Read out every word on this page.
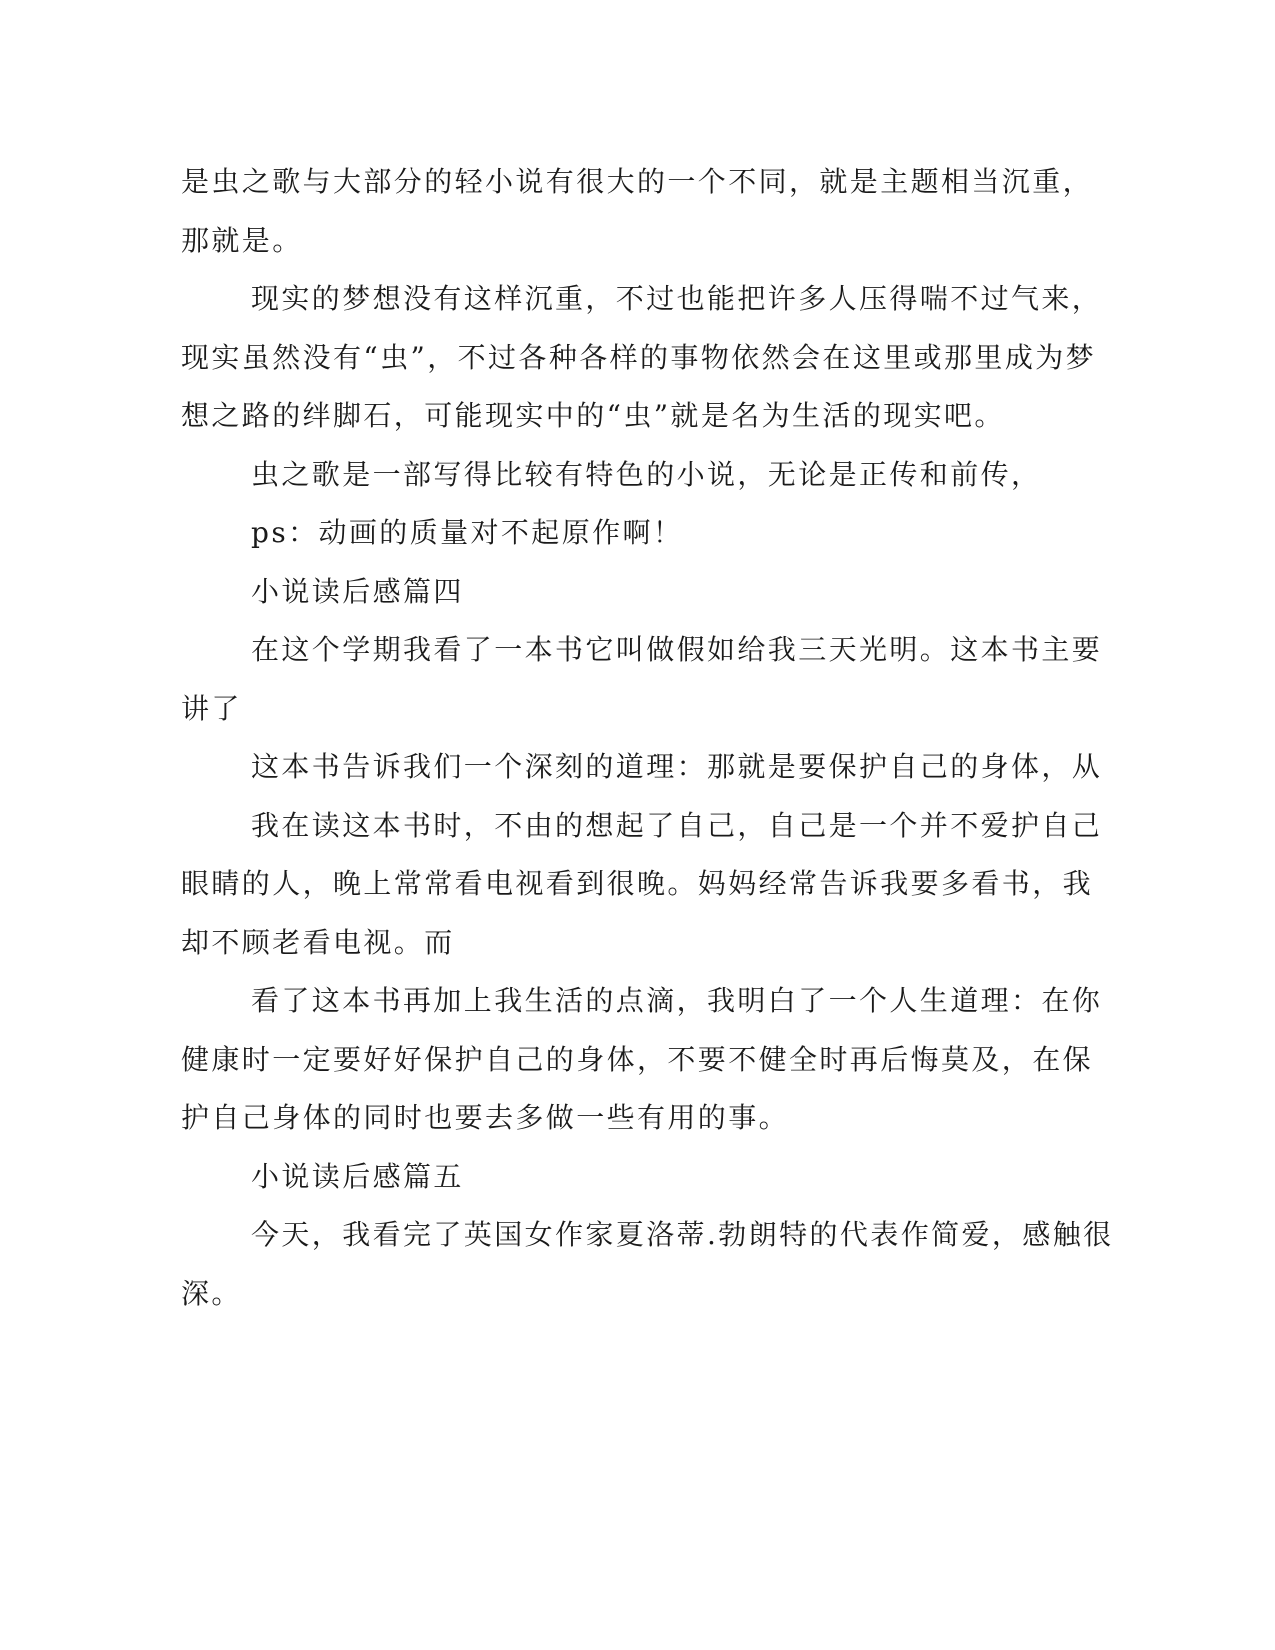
是虫之歌与大部分的轻小说有很大的一个不同，就是主题相当沉重，
那就是。
现实的梦想没有这样沉重，不过也能把许多人压得喘不过气来，
现实虽然没有“虫”，不过各种各样的事物依然会在这里或那里成为梦
想之路的绊脚石，可能现实中的“虫”就是名为生活的现实吧。
虫之歌是一部写得比较有特色的小说，无论是正传和前传，
ps：动画的质量对不起原作啊！
小说读后感篇四
在这个学期我看了一本书它叫做假如给我三天光明。这本书主要
讲了
这本书告诉我们一个深刻的道理：那就是要保护自己的身体，从
我在读这本书时，不由的想起了自己，自己是一个并不爱护自己
眼睛的人，晚上常常看电视看到很晚。妈妈经常告诉我要多看书，我
却不顾老看电视。而
看了这本书再加上我生活的点滴，我明白了一个人生道理：在你
健康时一定要好好保护自己的身体，不要不健全时再后悔莫及，在保
护自己身体的同时也要去多做一些有用的事。
小说读后感篇五
今天，我看完了英国女作家夏洛蒂.勃朗特的代表作简爱，感触很
深。
